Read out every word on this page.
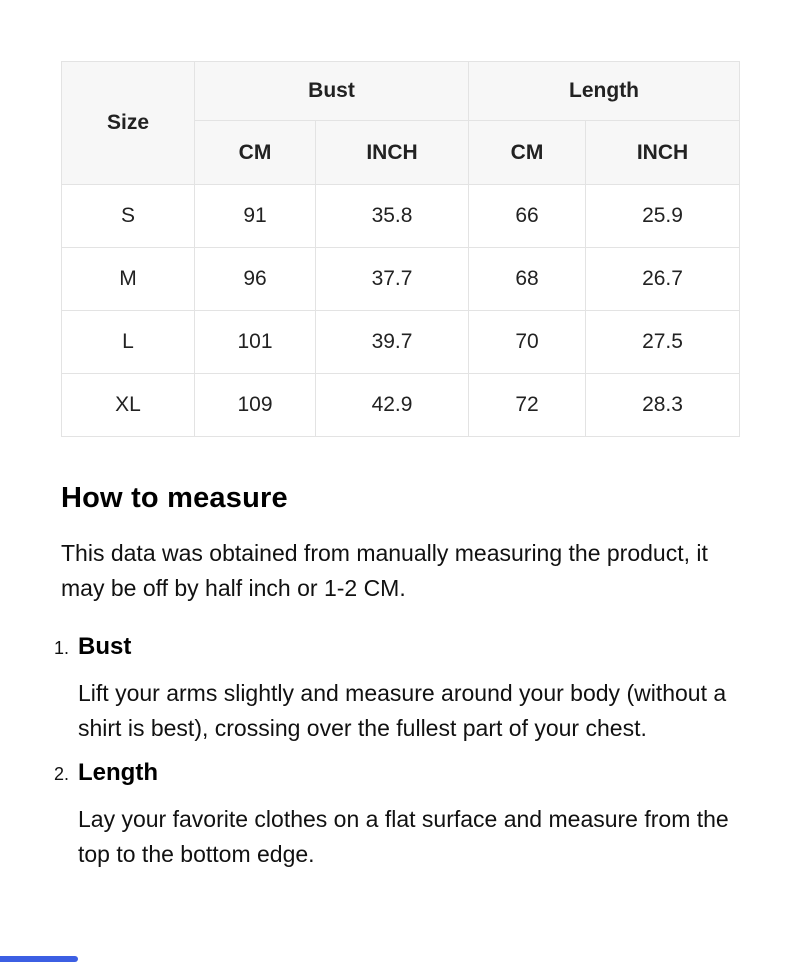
Size	Bust		Length	
	CM	INCH	CM	INCH
S	91	35.8	66	25.9
M	96	37.7	68	26.7
L	101	39.7	70	27.5
XL	109	42.9	72	28.3
How to measure

This data was obtained from manually measuring the product, it may be off by half inch or 1-2 CM.

1. Bust

Lift your arms slightly and measure around your body (without a shirt is best), crossing over the fullest part of your chest.

2. Length

Lay your favorite clothes on a flat surface and measure from the top to the bottom edge.
